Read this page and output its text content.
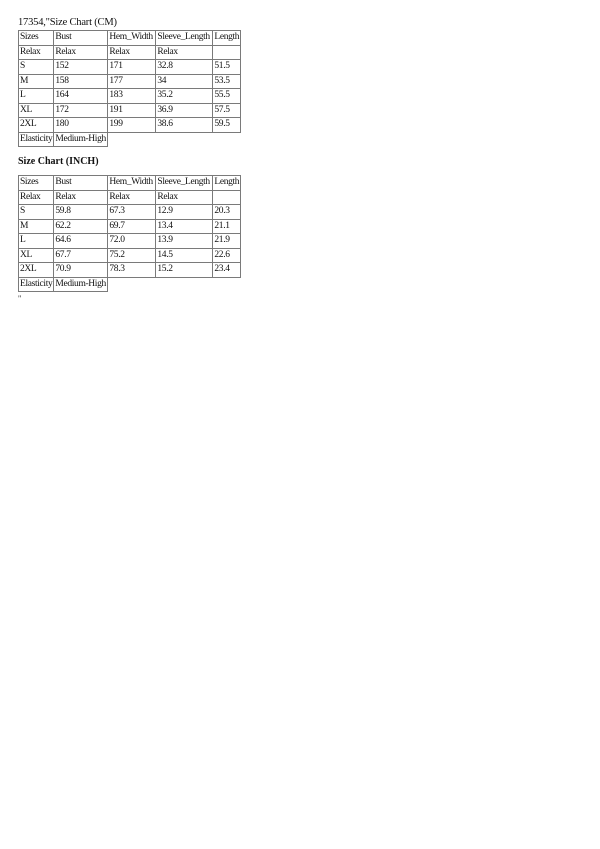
17354,"Size Chart (CM)
Sizes	Bust	Hem_Width	Sleeve_Length	Length
Relax	Relax	Relax	Relax	
S	152	171	32.8	51.5
M	158	177	34	53.5
L	164	183	35.2	55.5
XL	172	191	36.9	57.5
2XL	180	199	38.6	59.5
Elasticity	Medium-High			
Size Chart (INCH)
Sizes	Bust	Hem_Width	Sleeve_Length	Length
Relax	Relax	Relax	Relax	
S	59.8	67.3	12.9	20.3
M	62.2	69.7	13.4	21.1
L	64.6	72.0	13.9	21.9
XL	67.7	75.2	14.5	22.6
2XL	70.9	78.3	15.2	23.4
Elasticity	Medium-High			
"
